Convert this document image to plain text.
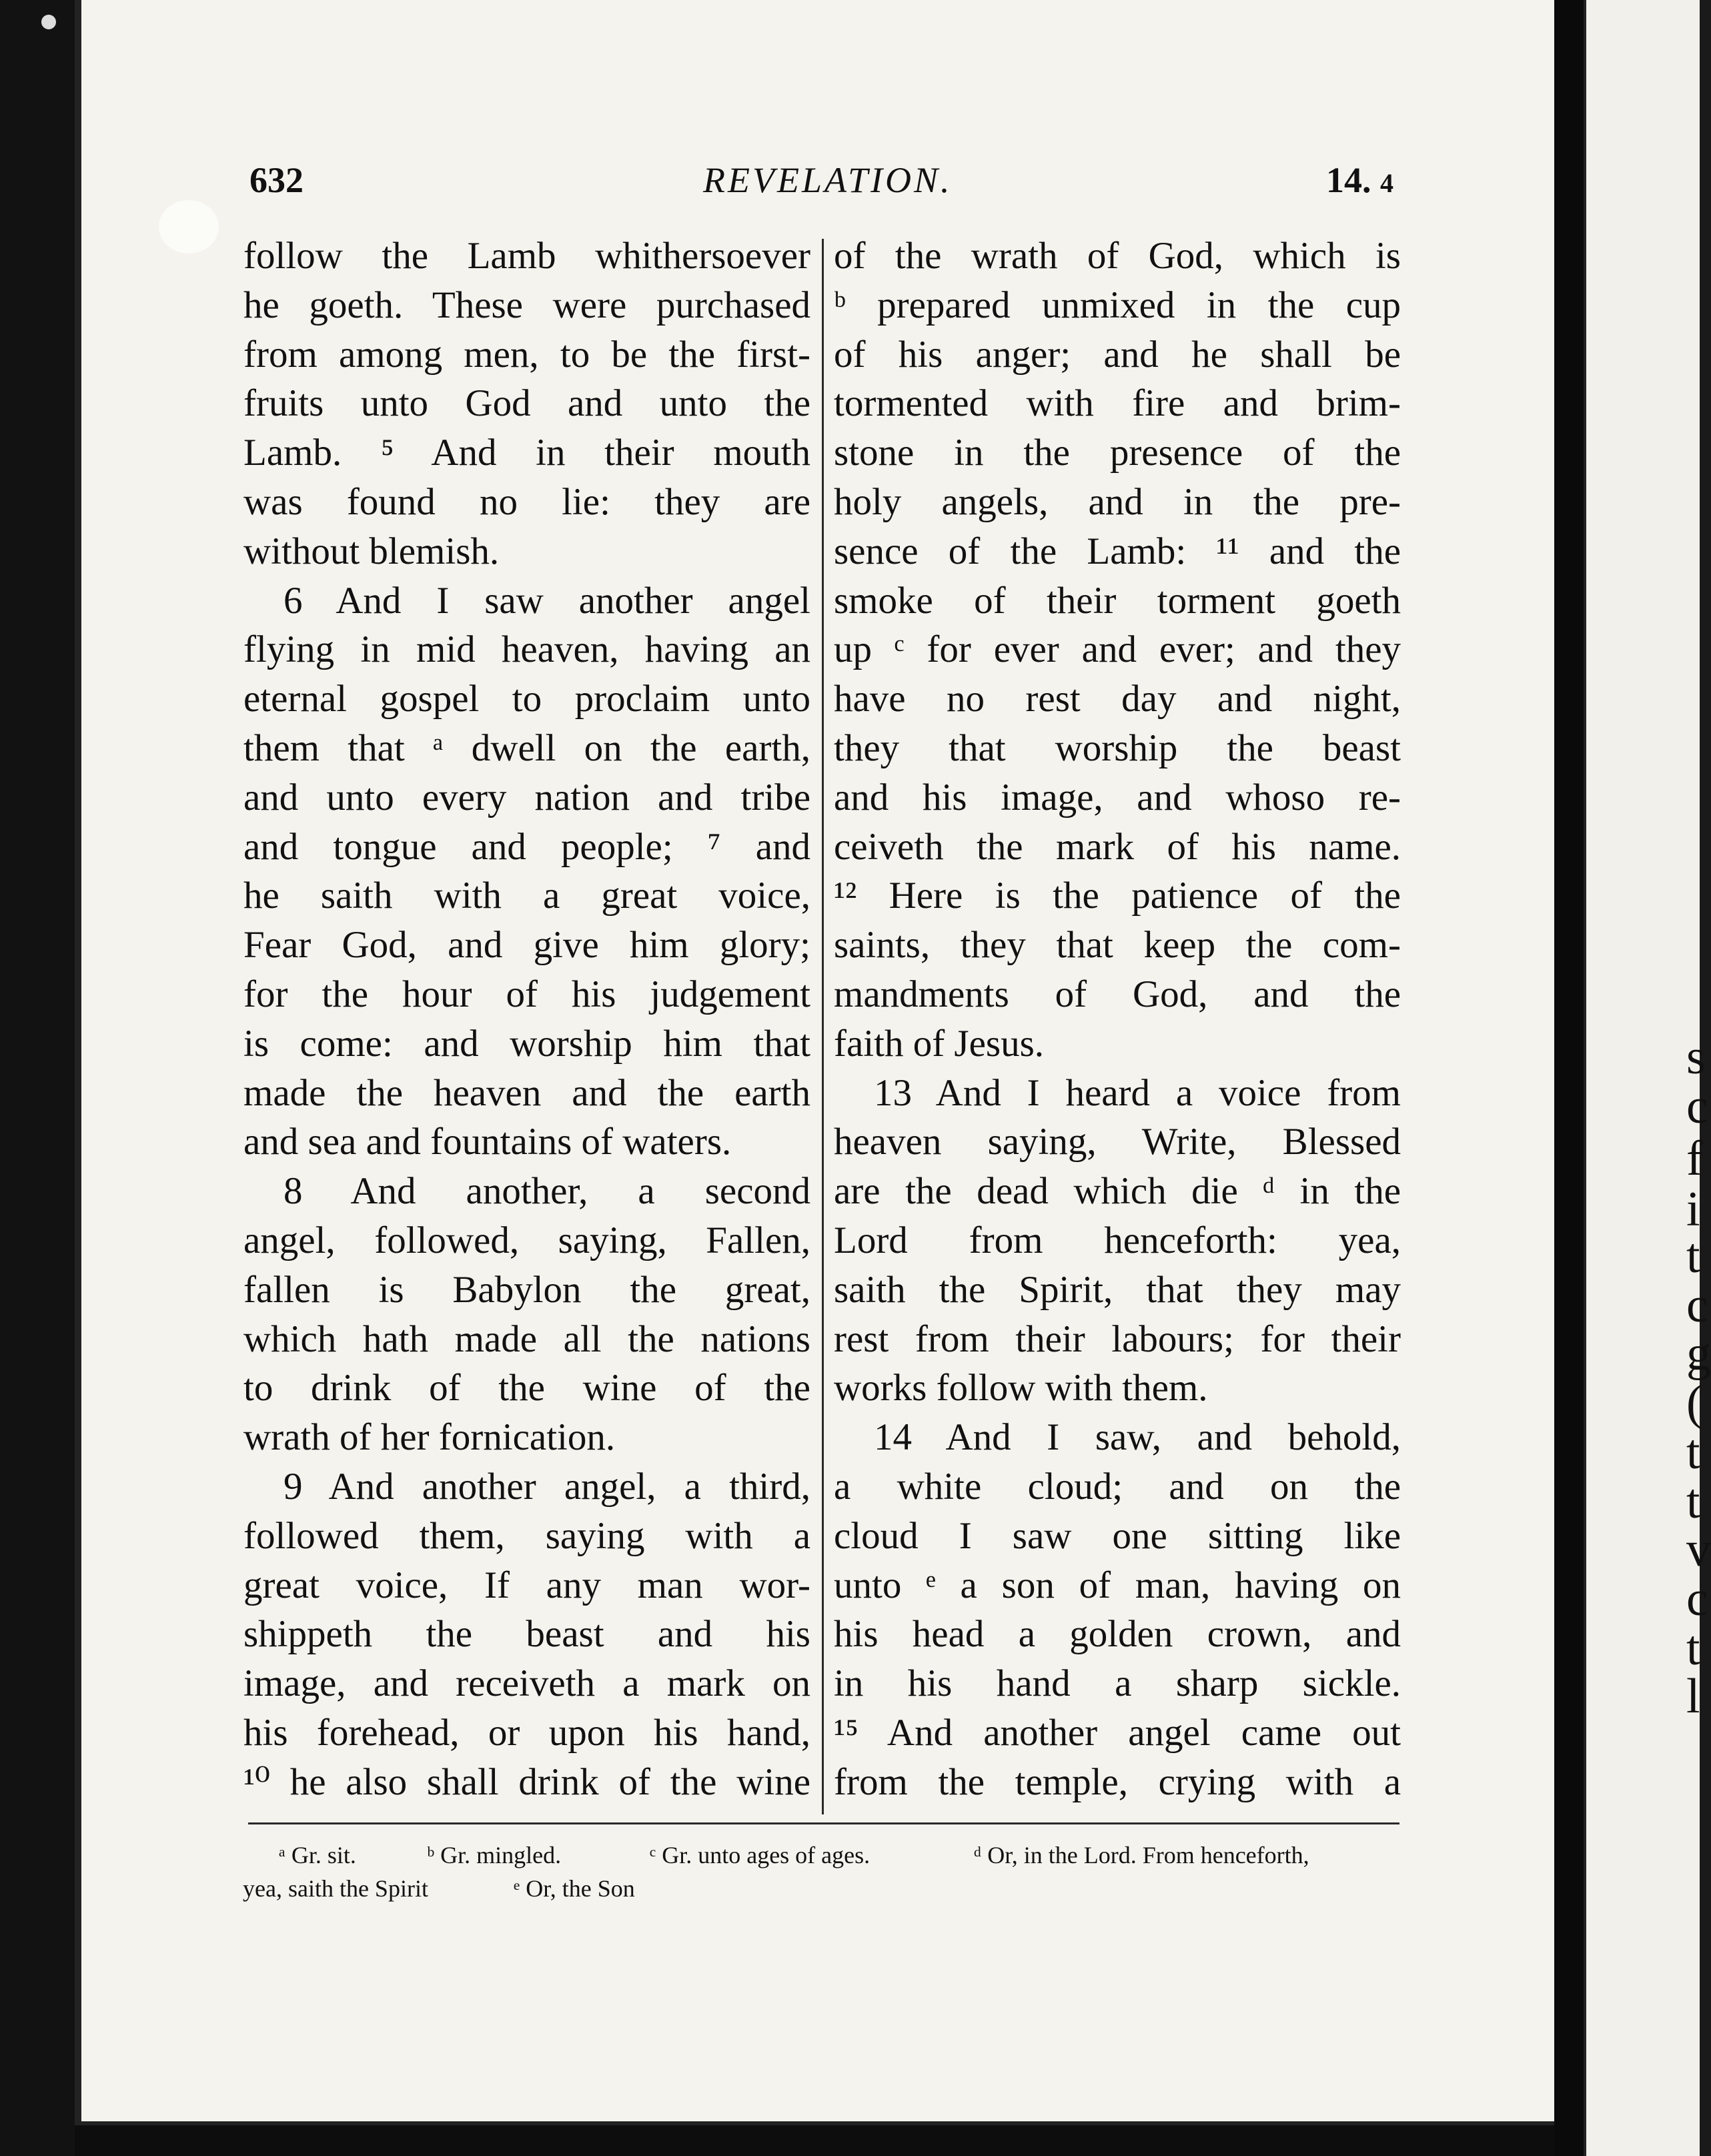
632	REVELATION.	14. 4
follow the Lamb whithersoever
he goeth. These were purchased
from among men, to be the first-
fruits unto God and unto the
Lamb. ⁵ And in their mouth
was found no lie: they are
without blemish.
6 And I saw another angel
flying in mid heaven, having an
eternal gospel to proclaim unto
them that ᵃ dwell on the earth,
and unto every nation and tribe
and tongue and people; ⁷ and
he saith with a great voice,
Fear God, and give him glory;
for the hour of his judgement
is come: and worship him that
made the heaven and the earth
and sea and fountains of waters.
8 And another, a second
angel, followed, saying, Fallen,
fallen is Babylon the great,
which hath made all the nations
to drink of the wine of the
wrath of her fornication.
9 And another angel, a third,
followed them, saying with a
great voice, If any man wor-
shippeth the beast and his
image, and receiveth a mark on
his forehead, or upon his hand,
¹⁰ he also shall drink of the wine
of the wrath of God, which is
ᵇ prepared unmixed in the cup
of his anger; and he shall be
tormented with fire and brim-
stone in the presence of the
holy angels, and in the pre-
sence of the Lamb: ¹¹ and the
smoke of their torment goeth
up ᶜ for ever and ever; and they
have no rest day and night,
they that worship the beast
and his image, and whoso re-
ceiveth the mark of his name.
¹² Here is the patience of the
saints, they that keep the com-
mandments of God, and the
faith of Jesus.
13 And I heard a voice from
heaven saying, Write, Blessed
are the dead which die ᵈ in the
Lord from henceforth: yea,
saith the Spirit, that they may
rest from their labours; for their
works follow with them.
14 And I saw, and behold,
a white cloud; and on the
cloud I saw one sitting like
unto ᵉ a son of man, having on
his head a golden crown, and
in his hand a sharp sickle.
¹⁵ And another angel came out
from the temple, crying with a
ᵃ Gr. sit.	ᵇ Gr. mingled.	ᶜ Gr. unto ages of ages.	ᵈ Or, in the Lord. From henceforth,
yea, saith the Spirit	ᵉ Or, the Son
s
c
f
i
t
c
g
(
t
t
v
c
t
l
